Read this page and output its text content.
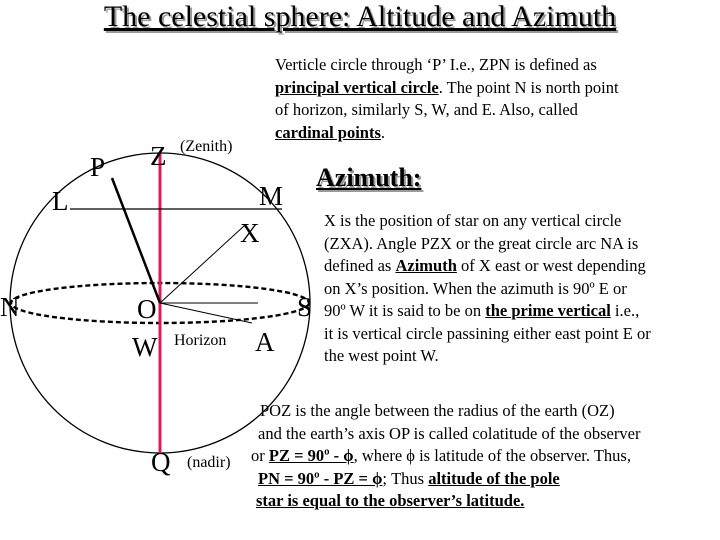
The celestial sphere: Altitude and Azimuth
P Z (Zenith)
L	M
X
N	O	S
W Horizon A
Q (nadir)
Verticle circle through ‘P’ I.e., ZPN is defined as
principal vertical circle. The point N is north point
of horizon, similarly S, W, and E. Also, called
cardinal points.
Azimuth:
X is the position of star on any vertical circle
(ZXA). Angle PZX or the great circle arc NA is
defined as Azimuth of X east or west depending
on X’s position. When the azimuth is 90º E or
90º W it is said to be on the prime vertical i.e.,
it is vertical circle passining either east point E or
the west point W.
POZ is the angle between the radius of the earth (OZ)
and the earth’s axis OP is called colatitude of the observer
or PZ = 90º - ϕ, where ϕ is latitude of the observer. Thus,
PN = 90º - PZ = ϕ; Thus altitude of the pole
star is equal to the observer’s latitude.
